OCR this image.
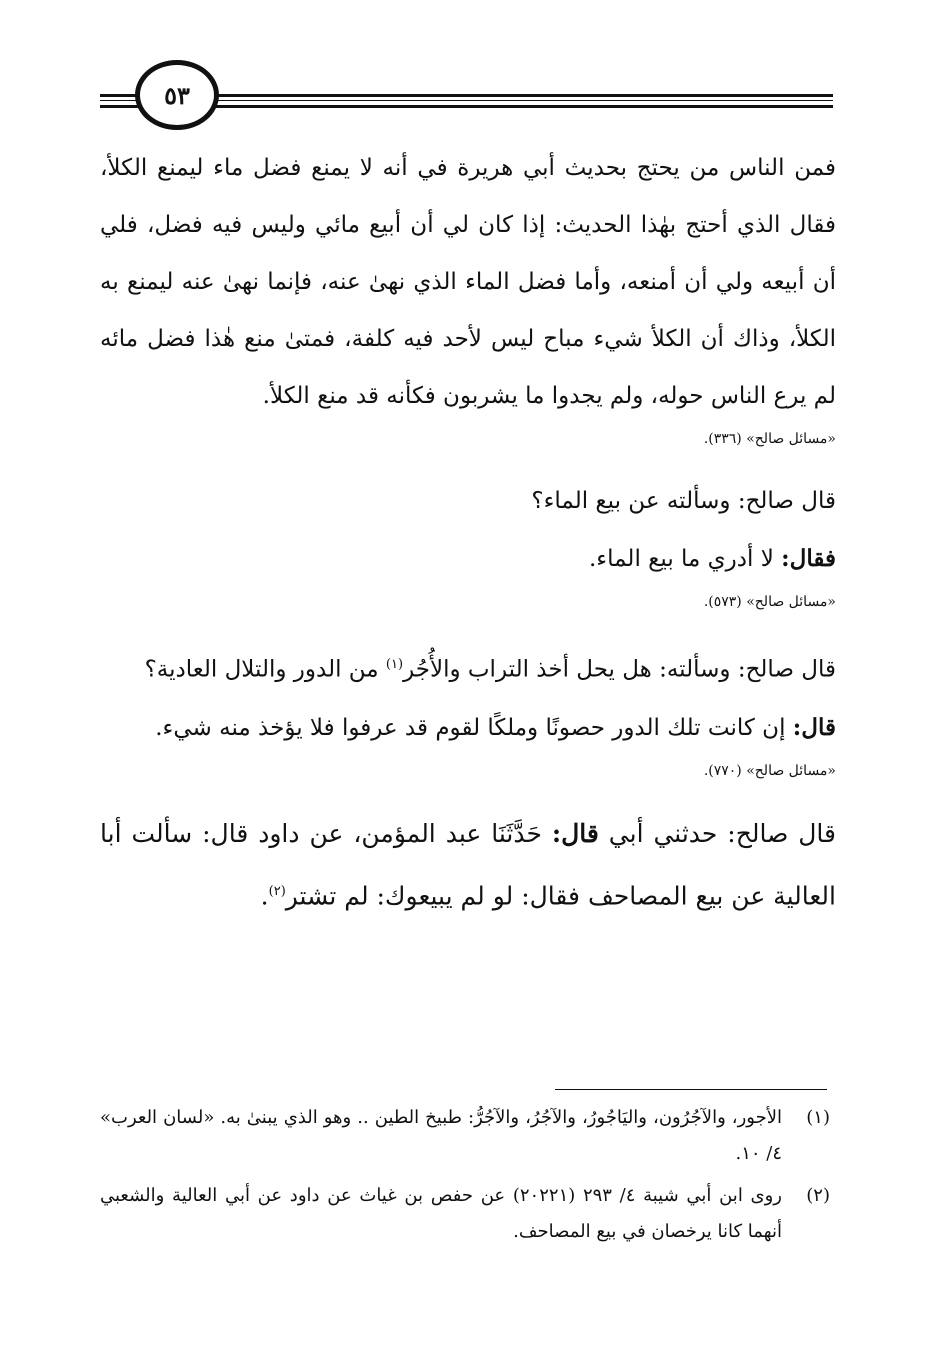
٥٣

فمن الناس من يحتج بحديث أبي هريرة في أنه لا يمنع فضل ماء ليمنع الكلأ، فقال الذي أحتج بهٰذا الحديث: إذا كان لي أن أبيع مائي وليس فيه فضل، فلي أن أبيعه ولي أن أمنعه، وأما فضل الماء الذي نهىٰ عنه، فإنما نهىٰ عنه ليمنع به الكلأ، وذاك أن الكلأ شيء مباح ليس لأحد فيه كلفة، فمتىٰ منع هٰذا فضل مائه لم يرع الناس حوله، ولم يجدوا ما يشربون فكأنه قد منع الكلأ.

«مسائل صالح» (٣٣٦).

قال صالح: وسألته عن بيع الماء؟

فقال: لا أدري ما بيع الماء.

«مسائل صالح» (٥٧٣).

قال صالح: وسألته: هل يحل أخذ التراب والأُجُر$^{(١)}$ من الدور والتلال العادية؟

قال: إن كانت تلك الدور حصونًا وملكًا لقوم قد عرفوا فلا يؤخذ منه شيء.

«مسائل صالح» (٧٧٠).

قال صالح: حدثني أبي قال: حَدَّثَنَا عبد المؤمن، عن داود قال: سألت أبا العالية عن بيع المصاحف فقال: لو لم يبيعوك: لم تشتر$^{(٢)}$.

(١)
الأجور، والآجُرُون، واليَاجُورُ، والآجُرُ، والآجُرُّ: طبيخ الطين .. وهو الذي يبنىٰ به. «لسان العرب» ٤/ ١٠.
(٢)
روى ابن أبي شيبة ٤/ ٢٩٣ (٢٠٢٢١) عن حفص بن غياث عن داود عن أبي العالية والشعبي أنهما كانا يرخصان في بيع المصاحف.
